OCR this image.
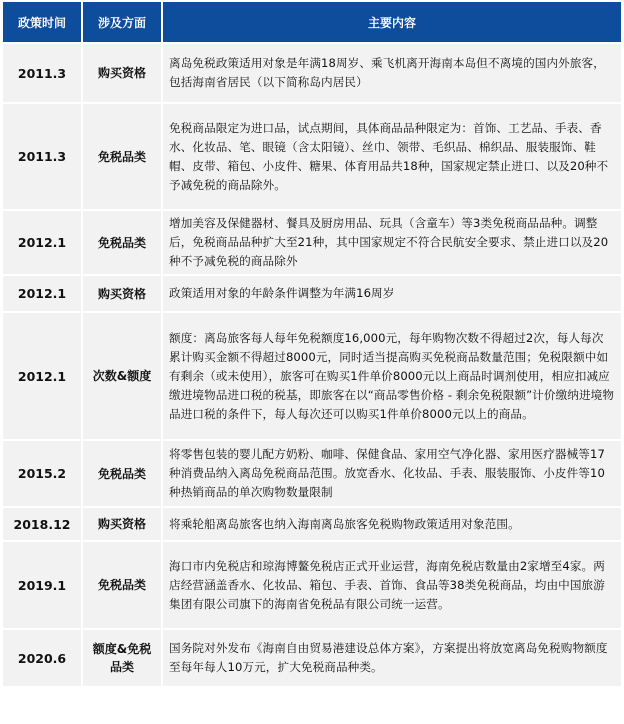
政策时间	涉及方面	主要内容
2011.3	购买资格	离岛免税政策适用对象是年满18周岁、乘飞机离开海南本岛但不离境的国内外旅客，包括海南省居民（以下简称岛内居民）
2011.3	免税品类	免税商品限定为进口品，试点期间，具体商品品种限定为：首饰、工艺品、手表、香水、化妆品、笔、眼镜（含太阳镜）、丝巾、领带、毛织品、棉织品、服装服饰、鞋帽、皮带、箱包、小皮件、糖果、体育用品共18种，国家规定禁止进口、以及20种不予减免税的商品除外。
2012.1	免税品类	增加美容及保健器材、餐具及厨房用品、玩具（含童车）等3类免税商品品种。调整后，免税商品品种扩大至21种，其中国家规定不符合民航安全要求、禁止进口以及20种不予减免税的商品除外
2012.1	购买资格	政策适用对象的年龄条件调整为年满16周岁
2012.1	次数&额度	额度：离岛旅客每人每年免税额度16,000元，每年购物次数不得超过2次，每人每次累计购买金额不得超过8000元，同时适当提高购买免税商品数量范围；免税限额中如有剩余（或未使用），旅客可在购买1件单价8000元以上商品时调剂使用，相应扣减应缴进境物品进口税的税基，即旅客在以“商品零售价格 - 剩余免税限额”计价缴纳进境物品进口税的条件下，每人每次还可以购买1件单价8000元以上的商品。
2015.2	免税品类	将零售包装的婴儿配方奶粉、咖啡、保健食品、家用空气净化器、家用医疗器械等17种消费品纳入离岛免税商品范围。放宽香水、化妆品、手表、服装服饰、小皮件等10种热销商品的单次购物数量限制
2018.12	购买资格	将乘轮船离岛旅客也纳入海南离岛旅客免税购物政策适用对象范围。
2019.1	免税品类	海口市内免税店和琼海博鳌免税店正式开业运营，海南免税店数量由2家增至4家。两店经营涵盖香水、化妆品、箱包、手表、首饰、食品等38类免税商品，均由中国旅游集团有限公司旗下的海南省免税品有限公司统一运营。
2020.6	额度&免税品类	国务院对外发布《海南自由贸易港建设总体方案》，方案提出将放宽离岛免税购物额度至每年每人10万元，扩大免税商品种类。
